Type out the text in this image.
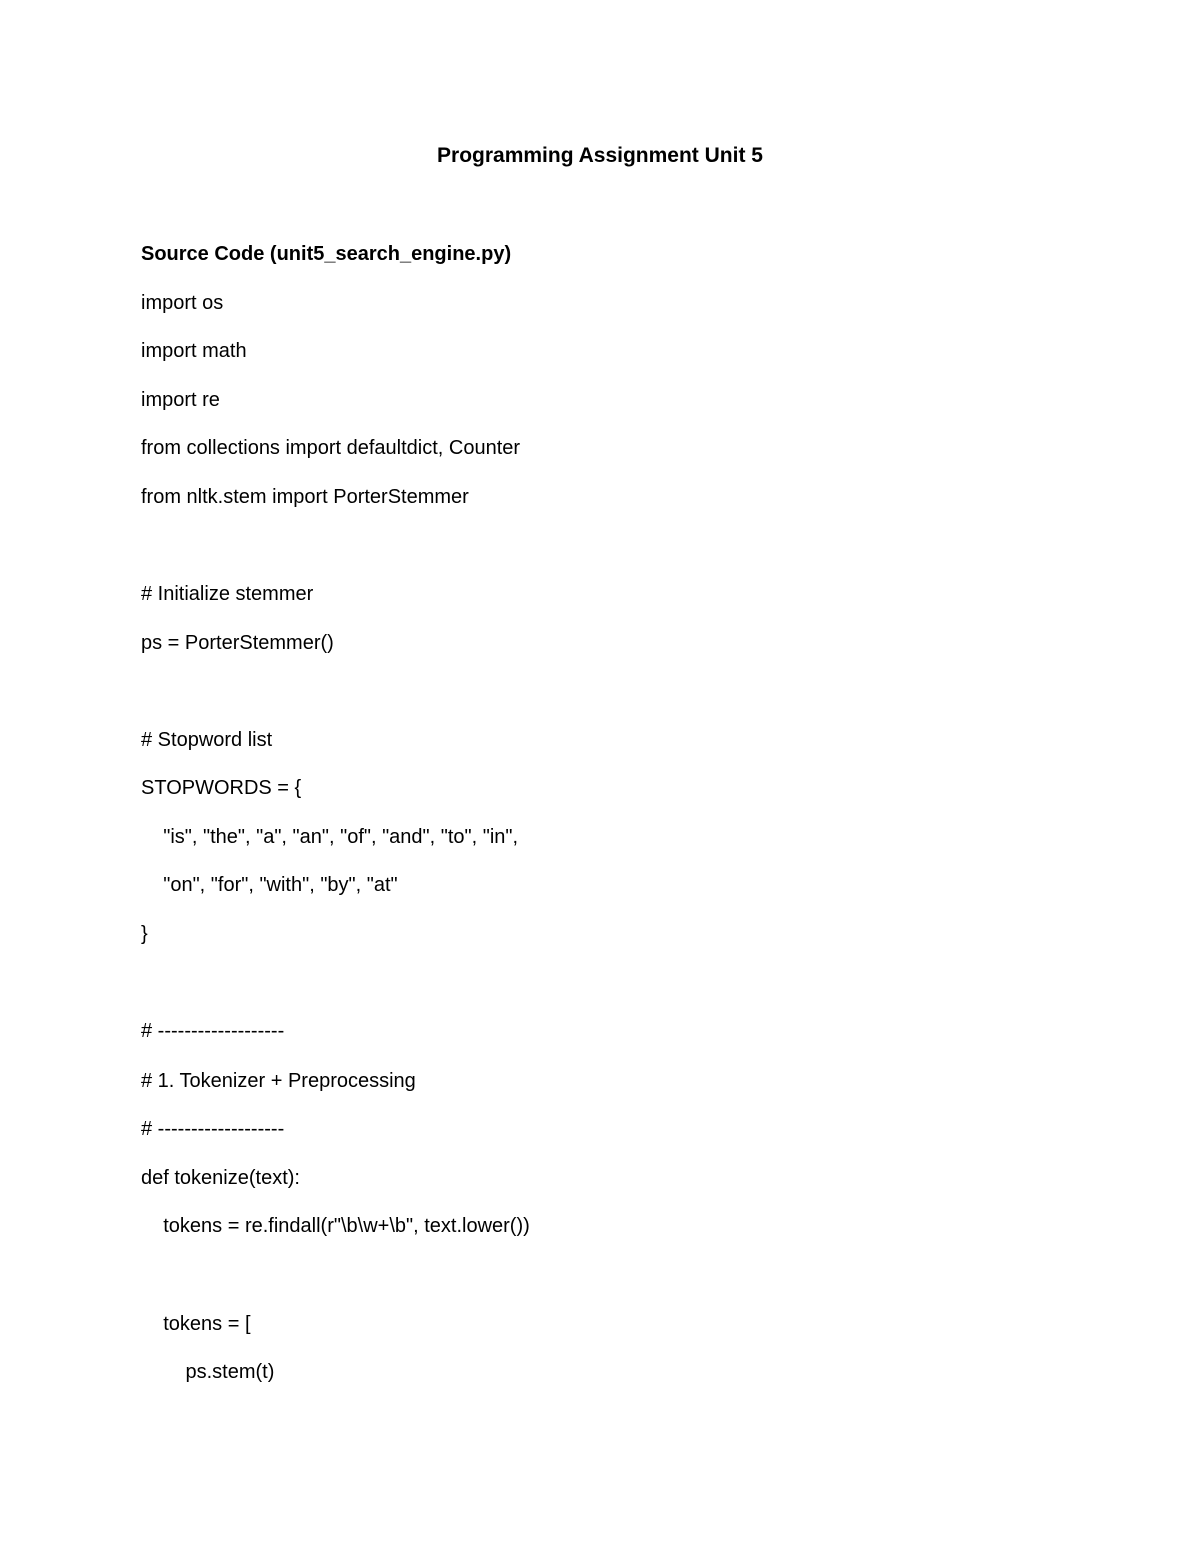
Programming Assignment Unit 5
Source Code (unit5_search_engine.py)
import os
import math
import re
from collections import defaultdict, Counter
from nltk.stem import PorterStemmer
# Initialize stemmer
ps = PorterStemmer()
# Stopword list
STOPWORDS = {
"is", "the", "a", "an", "of", "and", "to", "in",
"on", "for", "with", "by", "at"
}
# -------------------
# 1. Tokenizer + Preprocessing
# -------------------
def tokenize(text):
tokens = re.findall(r"\b\w+\b", text.lower())
tokens = [
ps.stem(t)
